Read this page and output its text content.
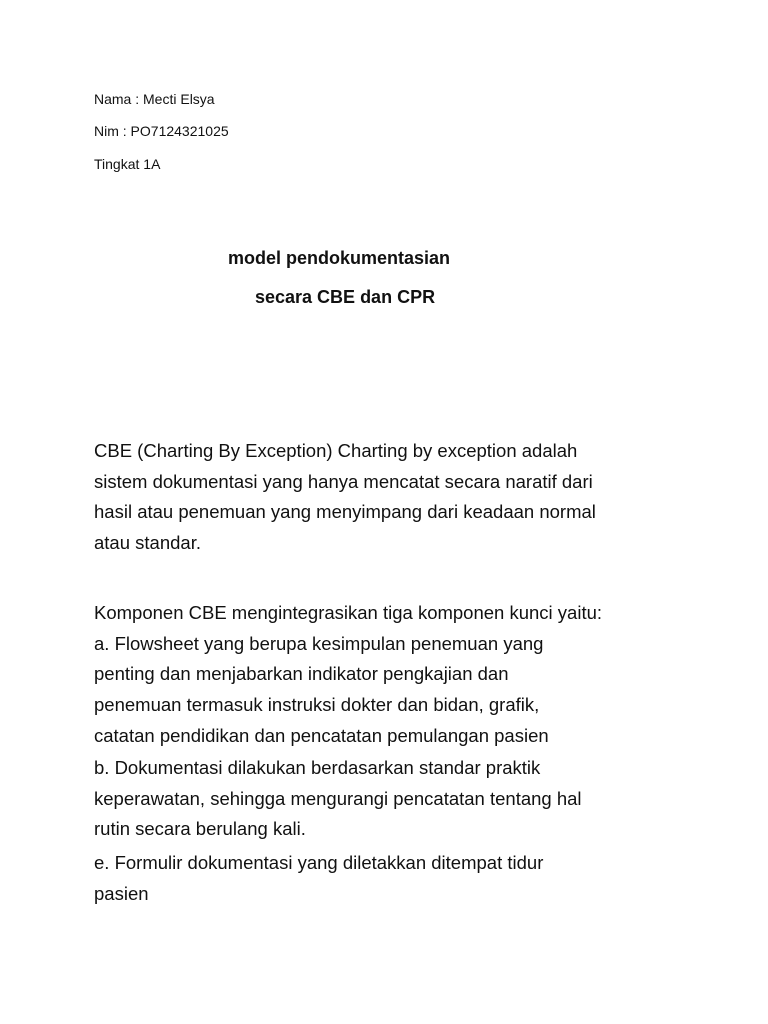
Nama : Mecti Elsya
Nim : PO7124321025
Tingkat 1A
model pendokumentasian
secara CBE dan CPR
CBE (Charting By Exception) Charting by exception adalah
sistem dokumentasi yang hanya mencatat secara naratif dari
hasil atau penemuan yang menyimpang dari keadaan normal
atau standar.
Komponen CBE mengintegrasikan tiga komponen kunci yaitu:
a. Flowsheet yang berupa kesimpulan penemuan yang
penting dan menjabarkan indikator pengkajian dan
penemuan termasuk instruksi dokter dan bidan, grafik,
catatan pendidikan dan pencatatan pemulangan pasien
b. Dokumentasi dilakukan berdasarkan standar praktik
keperawatan, sehingga mengurangi pencatatan tentang hal
rutin secara berulang kali.
e. Formulir dokumentasi yang diletakkan ditempat tidur
pasien
